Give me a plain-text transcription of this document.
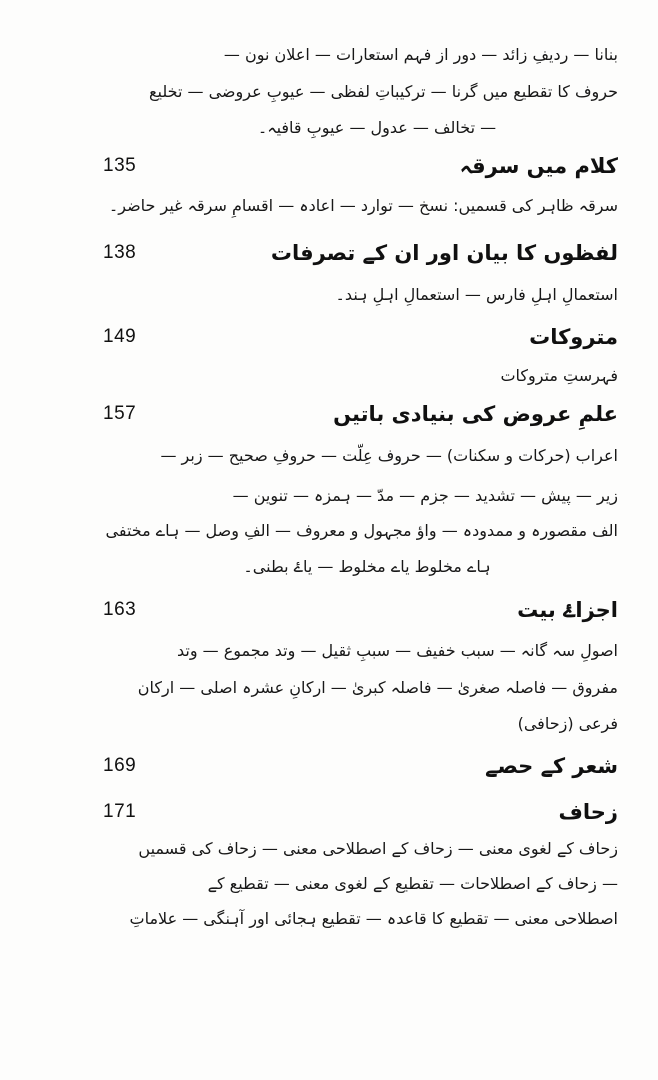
بنانا — ردیفِ زائد — دور از فہم استعارات — اعلان نون —
حروف کا تقطیع میں گرنا — ترکیباتِ لفظی — عیوبِ عروضی — تخلیع
— تخالف — عدول — عیوبِ قافیہ۔
135	کلام میں سرقہ
سرقہ ظاہر کی قسمیں: نسخ — توارد — اعادہ — اقسامِ سرقہ غیر حاضر۔
138	لفظوں کا بیان اور ان کے تصرفات
استعمالِ اہلِ فارس — استعمالِ اہلِ ہند۔
149	متروکات
فہرستِ متروکات
157	علمِ عروض کی بنیادی باتیں
اعراب (حرکات و سکنات) — حروف عِلّت — حروفِ صحیح — زبر —
زیر — پیش — تشدید — جزم — مدّ — ہمزہ — تنوین —
الف مقصورہ و ممدودہ — واؤ مجہول و معروف — الفِ وصل — ہاے مختفی
ہاے مخلوط یاے مخلوط — یاۓ بطنی۔
163	اجزاۓ بیت
اصولِ سہ گانہ — سبب خفیف — سببِ ثقیل — وتد مجموع — وتد
مفروق — فاصلہ صغریٰ — فاصلہ کبریٰ — ارکانِ عشرہ اصلی — ارکان
فرعی (زحافی)
169	شعر کے حصے
171	زحاف
زحاف کے لغوی معنی — زحاف کے اصطلاحی معنی — زحاف کی قسمیں
— زحاف کے اصطلاحات — تقطیع کے لغوی معنی — تقطیع کے
اصطلاحی معنی — تقطیع کا قاعدہ — تقطیع ہجائی اور آہنگی — علاماتِ
